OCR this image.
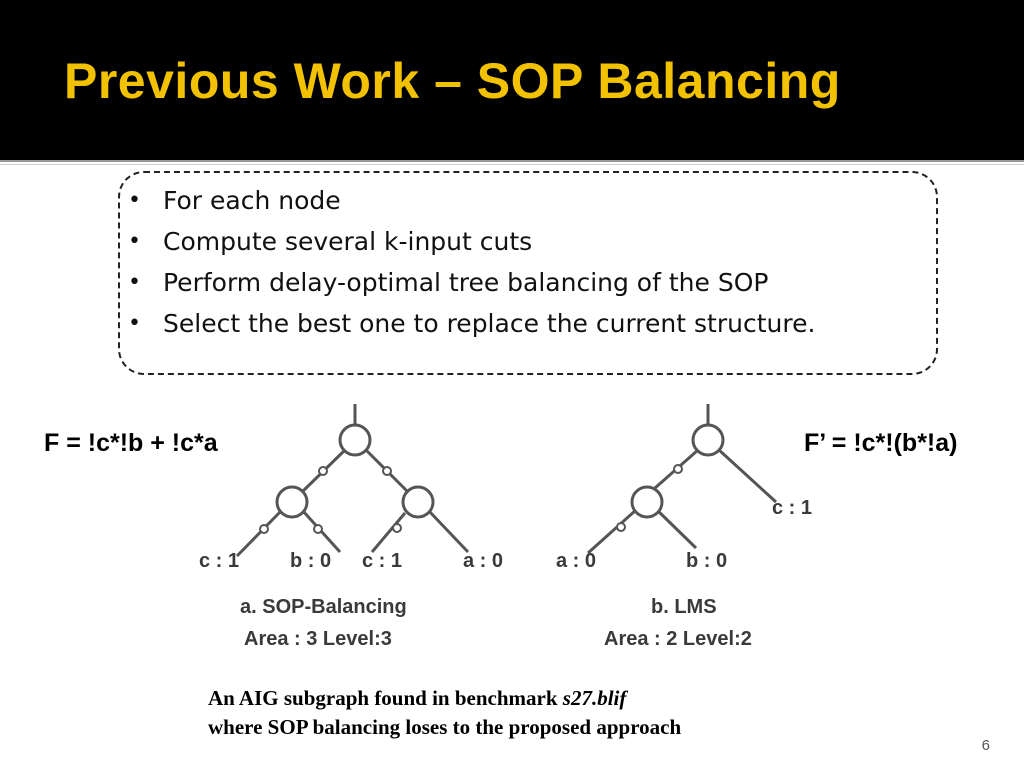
Previous Work – SOP Balancing
• For each node
• Compute several k-input cuts
• Perform delay-optimal tree balancing of the SOP
• Select the best one to replace the current structure.
F = !c*!b + !c*a	F’ = !c*!(b*!a)
c : 1	b : 0 c : 1	a : 0
a. SOP-Balancing
Area : 3 Level:3
a : 0	b : 0
c : 1
b. LMS
Area : 2 Level:2
An AIG subgraph found in benchmark s27.blif
where SOP balancing loses to the proposed approach
6
